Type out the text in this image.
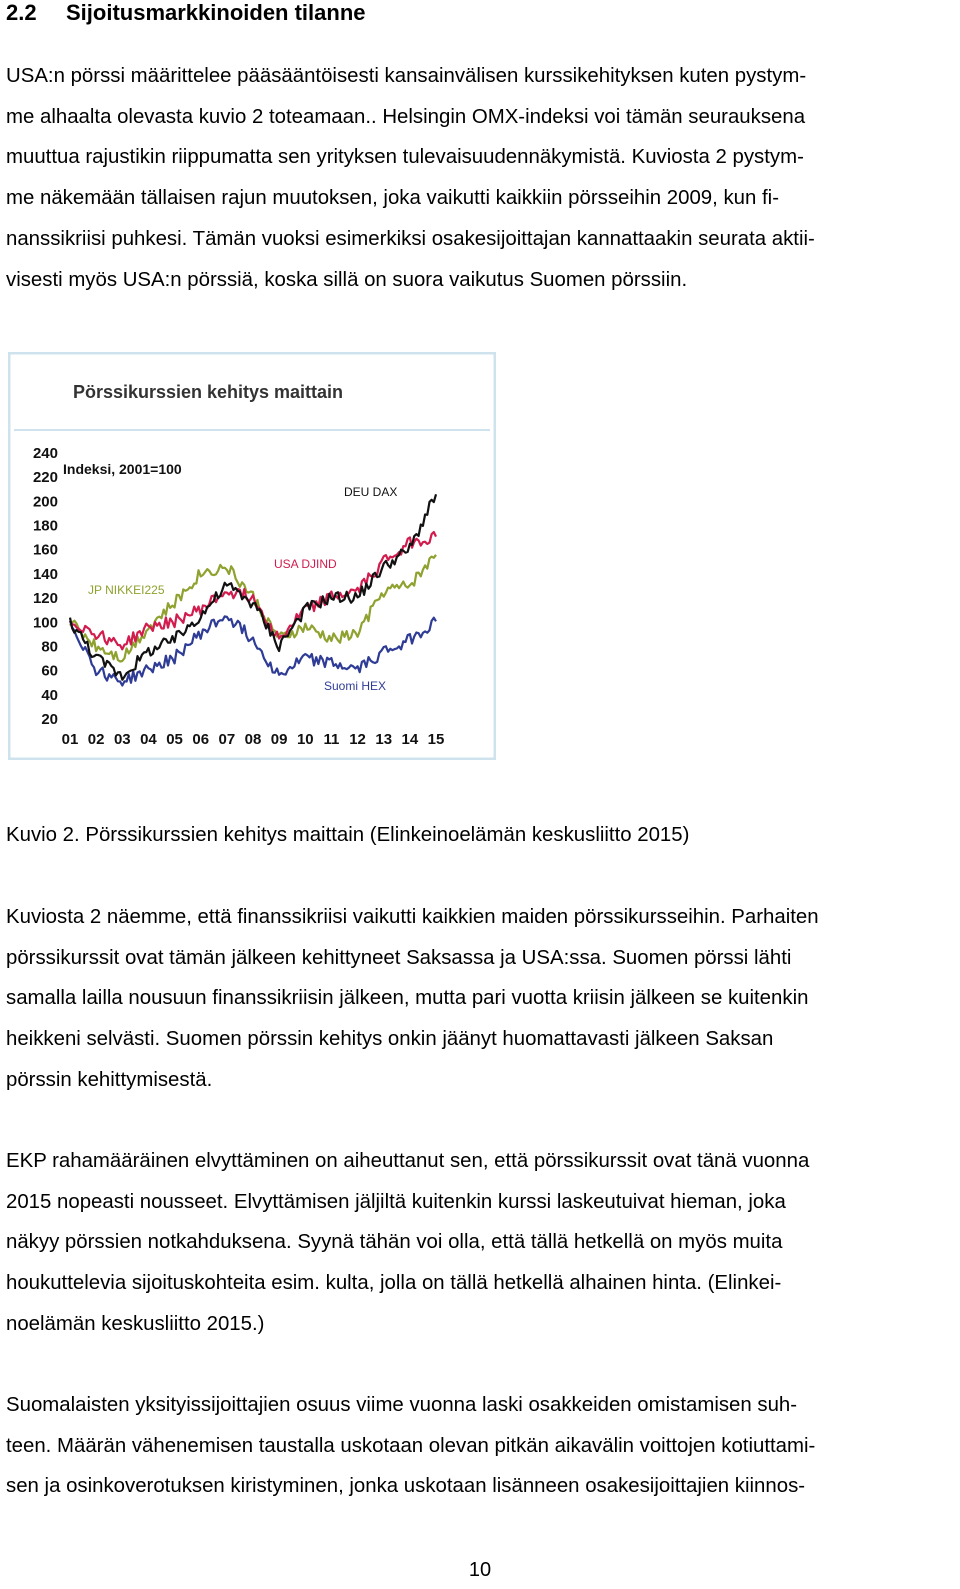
2.2 Sijoitusmarkkinoiden tilanne

USA:n pörssi määrittelee pääsääntöisesti kansainvälisen kurssikehityksen kuten pystym-
me alhaalta olevasta kuvio 2 toteamaan.. Helsingin OMX-indeksi voi tämän seurauksena
muuttua rajustikin riippumatta sen yrityksen tulevaisuudennäkymistä. Kuviosta 2 pystym-
me näkemään tällaisen rajun muutoksen, joka vaikutti kaikkiin pörsseihin 2009, kun fi-
nanssikriisi puhkesi. Tämän vuoksi esimerkiksi osakesijoittajan kannattaakin seurata aktii-
visesti myös USA:n pörssiä, koska sillä on suora vaikutus Suomen pörssiin.

Pörssikurssien kehitys maittain
Indeksi, 2001=100
240
220
200
180
160
140
120
100
80
60
40
20
01 02 03 04 05 06 07 08 09 10 11 12 13 14 15
DEU DAX
USA DJIND
JP NIKKEI225
Suomi HEX

Kuvio 2. Pörssikurssien kehitys maittain (Elinkeinoelämän keskusliitto 2015)

Kuviosta 2 näemme, että finanssikriisi vaikutti kaikkien maiden pörssikursseihin. Parhaiten
pörssikurssit ovat tämän jälkeen kehittyneet Saksassa ja USA:ssa. Suomen pörssi lähti
samalla lailla nousuun finanssikriisin jälkeen, mutta pari vuotta kriisin jälkeen se kuitenkin
heikkeni selvästi. Suomen pörssin kehitys onkin jäänyt huomattavasti jälkeen Saksan
pörssin kehittymisestä.

EKP rahamääräinen elvyttäminen on aiheuttanut sen, että pörssikurssit ovat tänä vuonna
2015 nopeasti nousseet. Elvyttämisen jäljiltä kuitenkin kurssi laskeutuivat hieman, joka
näkyy pörssien notkahduksena. Syynä tähän voi olla, että tällä hetkellä on myös muita
houkuttelevia sijoituskohteita esim. kulta, jolla on tällä hetkellä alhainen hinta. (Elinkei-
noelämän keskusliitto 2015.)

Suomalaisten yksityissijoittajien osuus viime vuonna laski osakkeiden omistamisen suh-
teen. Määrän vähenemisen taustalla uskotaan olevan pitkän aikavälin voittojen kotiuttami-
sen ja osinkoverotuksen kiristyminen, jonka uskotaan lisänneen osakesijoittajien kiinnos-

10
